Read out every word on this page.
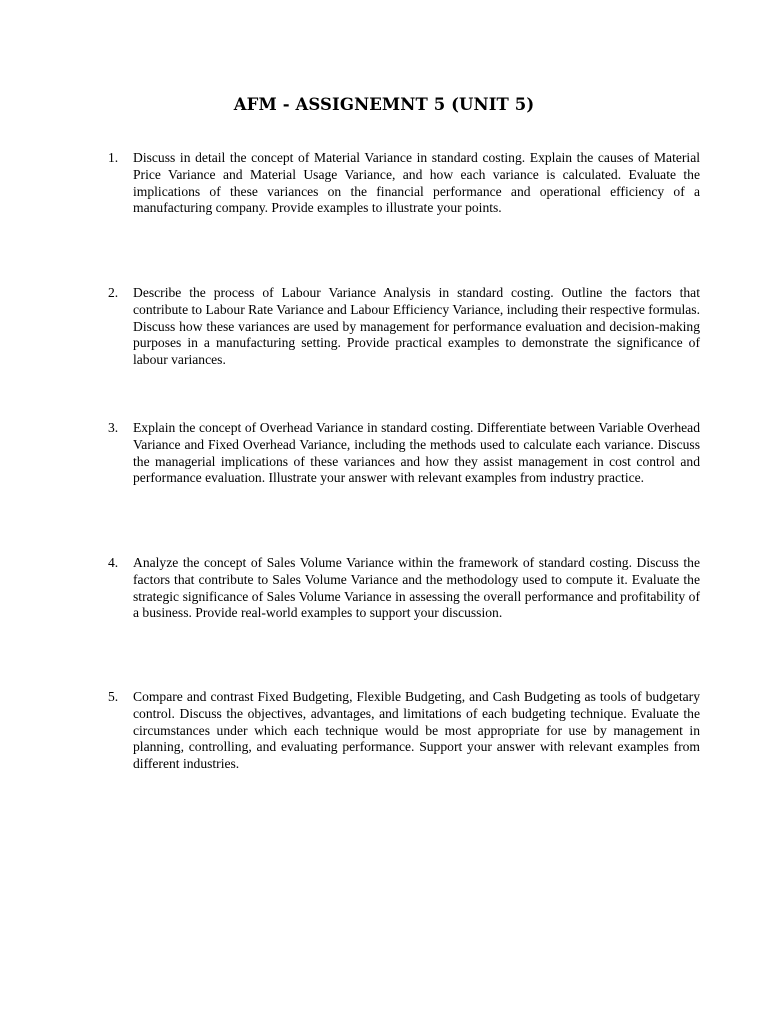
AFM - ASSIGNEMNT 5 (UNIT 5)
1.	Discuss in detail the concept of Material Variance in standard costing. Explain the causes of Material Price Variance and Material Usage Variance, and how each variance is calculated. Evaluate the implications of these variances on the financial performance and operational efficiency of a manufacturing company. Provide examples to illustrate your points.
2.	Describe the process of Labour Variance Analysis in standard costing. Outline the factors that contribute to Labour Rate Variance and Labour Efficiency Variance, including their respective formulas. Discuss how these variances are used by management for performance evaluation and decision-making purposes in a manufacturing setting. Provide practical examples to demonstrate the significance of labour variances.
3.	Explain the concept of Overhead Variance in standard costing. Differentiate between Variable Overhead Variance and Fixed Overhead Variance, including the methods used to calculate each variance. Discuss the managerial implications of these variances and how they assist management in cost control and performance evaluation. Illustrate your answer with relevant examples from industry practice.
4.	Analyze the concept of Sales Volume Variance within the framework of standard costing. Discuss the factors that contribute to Sales Volume Variance and the methodology used to compute it. Evaluate the strategic significance of Sales Volume Variance in assessing the overall performance and profitability of a business. Provide real-world examples to support your discussion.
5.	Compare and contrast Fixed Budgeting, Flexible Budgeting, and Cash Budgeting as tools of budgetary control. Discuss the objectives, advantages, and limitations of each budgeting technique. Evaluate the circumstances under which each technique would be most appropriate for use by management in planning, controlling, and evaluating performance. Support your answer with relevant examples from different industries.
